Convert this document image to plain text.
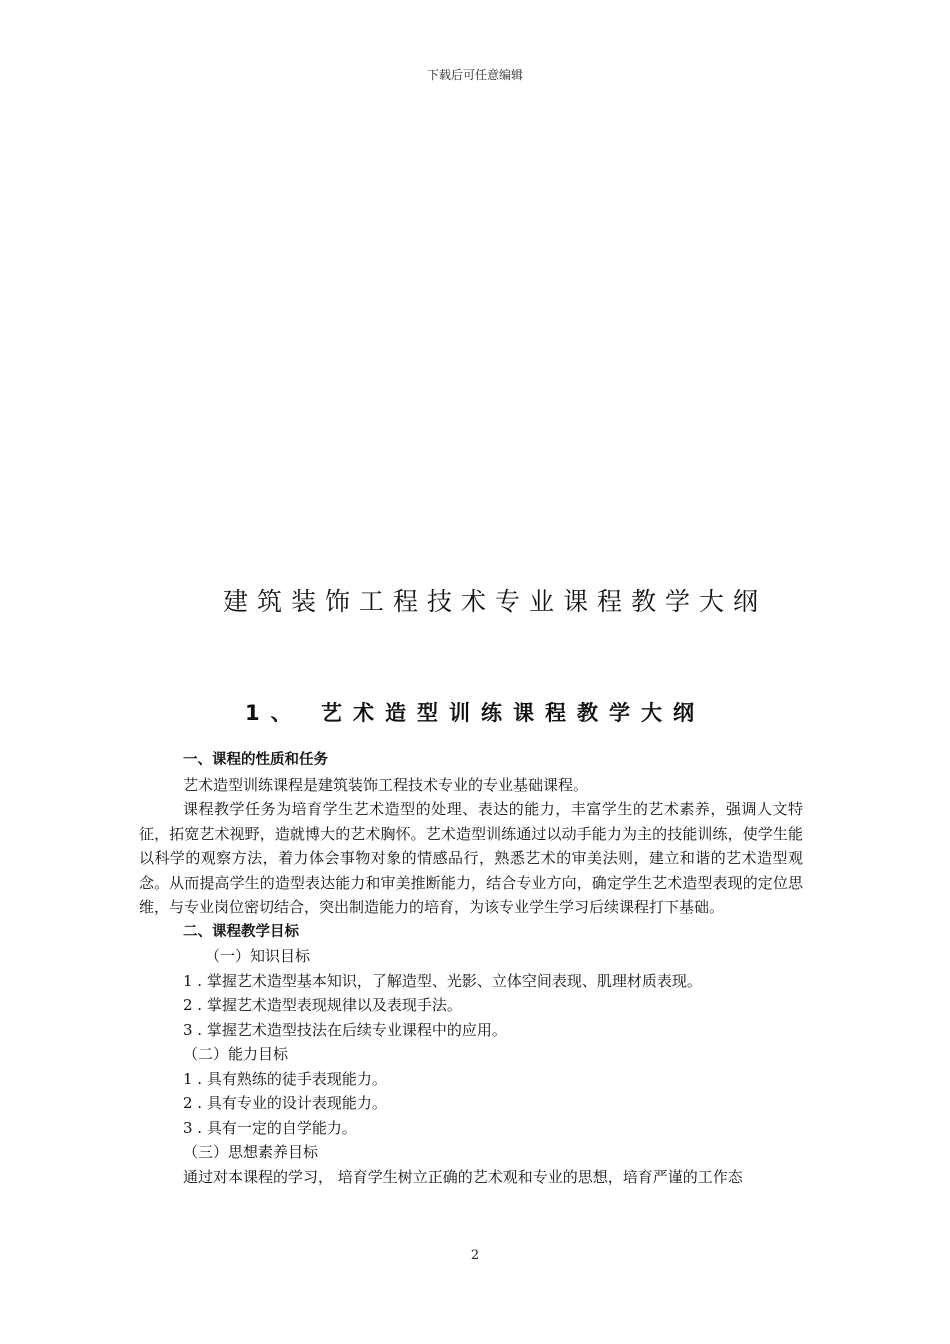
下载后可任意编辑
建筑装饰工程技术专业课程教学大纲
1、 艺术造型训练课程教学大纲

一、课程的性质和任务

艺术造型训练课程是建筑装饰工程技术专业的专业基础课程。

课程教学任务为培育学生艺术造型的处理、表达的能力，丰富学生的艺术素养，强调人文特征，拓宽艺术视野，造就博大的艺术胸怀。艺术造型训练通过以动手能力为主的技能训练，使学生能以科学的观察方法，着力体会事物对象的情感品行，熟悉艺术的审美法则，建立和谐的艺术造型观念。从而提高学生的造型表达能力和审美推断能力，结合专业方向，确定学生艺术造型表现的定位思维，与专业岗位密切结合，突出制造能力的培育，为该专业学生学习后续课程打下基础。

二、课程教学目标

（一）知识目标

1 . 掌握艺术造型基本知识，了解造型、光影、立体空间表现、肌理材质表现。

2 . 掌握艺术造型表现规律以及表现手法。

3 . 掌握艺术造型技法在后续专业课程中的应用。

（二）能力目标

1 . 具有熟练的徒手表现能力。

2 . 具有专业的设计表现能力。

3 . 具有一定的自学能力。

（三）思想素养目标

通过对本课程的学习， 培育学生树立正确的艺术观和专业的思想，培育严谨的工作态

2
